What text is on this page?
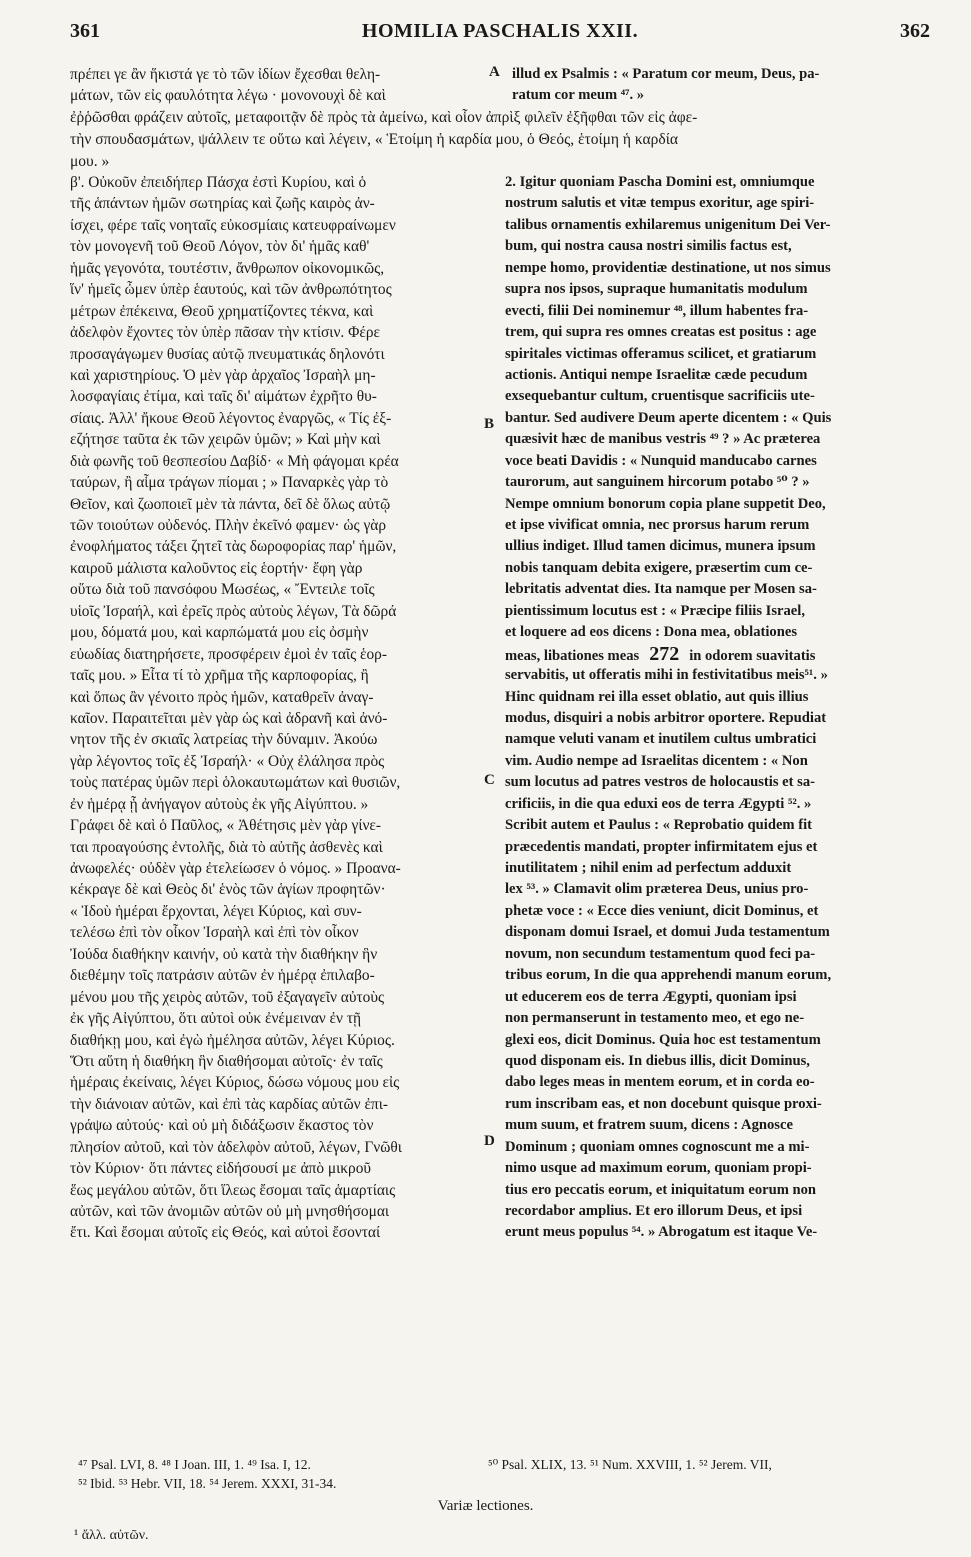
361	HOMILIA PASCHALIS XXII.	362
πρέπει γε ἂν ἥκιστά γε τὸ τῶν ἰδίων ἔχεσθαι θελη-
μάτων, τῶν εἰς φαυλότητα λέγω · μονονουχὶ δὲ καὶ
A illud ex Psalmis : « Paratum cor meum, Deus, pa-
ratum cor meum ⁴⁷. »
ἐῤῥῶσθαι φράζειν αὐτοῖς, μεταφοιτᾷν δὲ πρὸς τὰ ἀμείνω, καὶ οἷον ἀπρὶξ φιλεῖν ἐξῆφθαι τῶν εἰς ἀφε-
τὴν σπουδασμάτων, ψάλλειν τε οὕτω καὶ λέγειν, « Ἑτοίμη ἡ καρδία μου, ὁ Θεός, ἑτοίμη ἡ καρδία
μου. »
β'. Οὐκοῦν ἐπειδήπερ Πάσχα ἐστὶ Κυρίου, καὶ ὁ
τῆς ἁπάντων ἡμῶν σωτηρίας καὶ ζωῆς καιρὸς ἀν-
ίσχει, φέρε ταῖς νοηταῖς εὐκοσμίαις κατευφραίνωμεν
τὸν μονογενῆ τοῦ Θεοῦ Λόγον, τὸν δι' ἡμᾶς καθ'
ἡμᾶς γεγονότα, τουτέστιν, ἄνθρωπον οἰκονομικῶς,
ἵν' ἡμεῖς ὦμεν ὑπὲρ ἑαυτούς, καὶ τῶν ἀνθρωπότητος
μέτρων ἐπέκεινα, Θεοῦ χρηματίζοντες τέκνα, καὶ
ἀδελφὸν ἔχοντες τὸν ὑπὲρ πᾶσαν τὴν κτίσιν. Φέρε
προσαγάγωμεν θυσίας αὐτῷ πνευματικάς δηλονότι
καὶ χαριστηρίους. Ὁ μὲν γὰρ ἀρχαῖος Ἰσραὴλ μη-
λοσφαγίαις ἐτίμα, καὶ ταῖς δι' αἱμάτων ἐχρῆτο θυ-
σίαις. Ἀλλ' ἤκουε Θεοῦ λέγοντος ἐναργῶς, « Τίς ἐξ-
εζήτησε ταῦτα ἐκ τῶν χειρῶν ὑμῶν; » Καὶ μὴν καὶ
διὰ φωνῆς τοῦ θεσπεσίου Δαβίδ· « Μὴ φάγομαι κρέα
ταύρων, ἢ αἷμα τράγων πίομαι ; » Παναρκὲς γὰρ τὸ
Θεῖον, καὶ ζωοποιεῖ μὲν τὰ πάντα, δεῖ δὲ ὅλως αὐτῷ
τῶν τοιούτων οὐδενός. Πλὴν ἐκεῖνό φαμεν· ὡς γὰρ
ἐνοφλήματος τάξει ζητεῖ τὰς δωροφορίας παρ' ἡμῶν,
καιροῦ μάλιστα καλοῦντος εἰς ἑορτήν· ἔφη γὰρ
οὕτω διὰ τοῦ πανσόφου Μωσέως, « Ἔντειλε τοῖς
υἱοῖς Ἰσραήλ, καὶ ἐρεῖς πρὸς αὐτοὺς λέγων, Τὰ δῶρά
μου, δόματά μου, καὶ καρπώματά μου εἰς ὀσμὴν
εὐωδίας διατηρήσετε, προσφέρειν ἐμοὶ ἐν ταῖς ἑορ-
ταῖς μου. » Εἶτα τί τὸ χρῆμα τῆς καρποφορίας, ἢ
καὶ ὅπως ἂν γένοιτο πρὸς ἡμῶν, καταθρεῖν ἀναγ-
καῖον. Παραιτεῖται μὲν γὰρ ὡς καὶ ἀδρανῆ καὶ ἀνό-
νητον τῆς ἐν σκιαῖς λατρείας τὴν δύναμιν. Ἀκούω
γὰρ λέγοντος τοῖς ἐξ Ἰσραήλ· « Οὐχ ἐλάλησα πρὸς
τοὺς πατέρας ὑμῶν περὶ ὁλοκαυτωμάτων καὶ θυσιῶν,
ἐν ἡμέρᾳ ᾗ ἀνήγαγον αὐτοὺς ἐκ γῆς Αἰγύπτου. »
Γράφει δὲ καὶ ὁ Παῦλος, « Ἀθέτησις μὲν γὰρ γίνε-
ται προαγούσης ἐντολῆς, διὰ τὸ αὐτῆς ἀσθενὲς καὶ
ἀνωφελές· οὐδὲν γὰρ ἐτελείωσεν ὁ νόμος. » Προανα-
κέκραγε δὲ καὶ Θεὸς δι' ἑνὸς τῶν ἁγίων προφητῶν·
« Ἰδοὺ ἡμέραι ἔρχονται, λέγει Κύριος, καὶ συν-
τελέσω ἐπὶ τὸν οἶκον Ἰσραὴλ καὶ ἐπὶ τὸν οἶκον
Ἰούδα διαθήκην καινήν, οὐ κατὰ τὴν διαθήκην ἣν
διεθέμην τοῖς πατράσιν αὐτῶν ἐν ἡμέρᾳ ἐπιλαβο-
μένου μου τῆς χειρὸς αὐτῶν, τοῦ ἐξαγαγεῖν αὐτοὺς
ἐκ γῆς Αἰγύπτου, ὅτι αὐτοὶ οὐκ ἐνέμειναν ἐν τῇ
διαθήκῃ μου, καὶ ἐγὼ ἠμέλησα αὐτῶν, λέγει Κύριος.
Ὅτι αὕτη ἡ διαθήκη ἣν διαθήσομαι αὐτοῖς· ἐν ταῖς
ἡμέραις ἐκείναις, λέγει Κύριος, δώσω νόμους μου εἰς
τὴν διάνοιαν αὐτῶν, καὶ ἐπὶ τὰς καρδίας αὐτῶν ἐπι-
γράψω αὐτούς· καὶ οὐ μὴ διδάξωσιν ἕκαστος τὸν
πλησίον αὐτοῦ, καὶ τὸν ἀδελφὸν αὐτοῦ, λέγων, Γνῶθι
τὸν Κύριον· ὅτι πάντες εἰδήσουσί με ἀπὸ μικροῦ
ἕως μεγάλου αὐτῶν, ὅτι ἵλεως ἔσομαι ταῖς ἁμαρτίαις
αὐτῶν, καὶ τῶν ἀνομιῶν αὐτῶν οὐ μὴ μνησθήσομαι
ἔτι. Καὶ ἔσομαι αὐτοῖς εἰς Θεός, καὶ αὐτοὶ ἔσονταί
2. Igitur quoniam Pascha Domini est, omniumque
nostrum salutis et vitæ tempus exoritur, age spiri-
talibus ornamentis exhilaremus unigenitum Dei Ver-
bum, qui nostra causa nostri similis factus est,
nempe homo, providentiæ destinatione, ut nos simus
supra nos ipsos, supraque humanitatis modulum
evecti, filii Dei nominemur ⁴⁸, illum habentes fra-
trem, qui supra res omnes creatas est positus : age
spiritales victimas offeramus scilicet, et gratiarum
actionis. Antiqui nempe Israelitæ cæde pecudum
exsequebantur cultum, cruentisque sacrificiis ute-
bantur. Sed audivere Deum aperte dicentem : « Quis
quæsivit hæc de manibus vestris ⁴⁹ ? » Ac præterea
voce beati Davidis : « Nunquid manducabo carnes
taurorum, aut sanguinem hircorum potabo ⁵⁰ ? »
Nempe omnium bonorum copia plane suppetit Deo,
et ipse vivificat omnia, nec prorsus harum rerum
ullius indiget. Illud tamen dicimus, munera ipsum
nobis tanquam debita exigere, præsertim cum ce-
lebritatis adventat dies. Ita namque per Mosen sa-
pientissimum locutus est : « Præcipe filiis Israel,
et loquere ad eos dicens : Dona mea, oblationes
meas, libationes meas 272 in odorem suavitatis
servabitis, ut offeratis mihi in festivitatibus meis⁵¹. »
Hinc quidnam rei illa esset oblatio, aut quis illius
modus, disquiri a nobis arbitror oportere. Repudiat
namque veluti vanam et inutilem cultus umbratici
vim. Audio nempe ad Israelitas dicentem : « Non
sum locutus ad patres vestros de holocaustis et sa-
crificiis, in die qua eduxi eos de terra Ægypti ⁵². »
Scribit autem et Paulus : « Reprobatio quidem fit
præcedentis mandati, propter infirmitatem ejus et
inutilitatem ; nihil enim ad perfectum adduxit
lex ⁵³. » Clamavit olim præterea Deus, unius pro-
phetæ voce : « Ecce dies veniunt, dicit Dominus, et
disponam domui Israel, et domui Juda testamentum
novum, non secundum testamentum quod feci pa-
tribus eorum, In die qua apprehendi manum eorum,
ut educerem eos de terra Ægypti, quoniam ipsi
non permanserunt in testamento meo, et ego ne-
glexi eos, dicit Dominus. Quia hoc est testamentum
quod disponam eis. In diebus illis, dicit Dominus,
dabo leges meas in mentem eorum, et in corda eo-
rum inscribam eas, et non docebunt quisque proxi-
mum suum, et fratrem suum, dicens : Agnosce
Dominum ; quoniam omnes cognoscunt me a mi-
nimo usque ad maximum eorum, quoniam propi-
tius ero peccatis eorum, et iniquitatum eorum non
recordabor amplius. Et ero illorum Deus, et ipsi
erunt meus populus ⁵⁴. » Abrogatum est itaque Ve-
B
C
D
⁴⁷ Psal. LVI, 8. ⁴⁸ I Joan. III, 1. ⁴⁹ Isa. I, 12.
⁵² Ibid. ⁵³ Hebr. VII, 18. ⁵⁴ Jerem. XXXI, 31-34.
⁵⁰ Psal. XLIX, 13. ⁵¹ Num. XXVIII, 1. ⁵² Jerem. VII,
Variæ lectiones.
¹ ἄλλ. αὐτῶν.
